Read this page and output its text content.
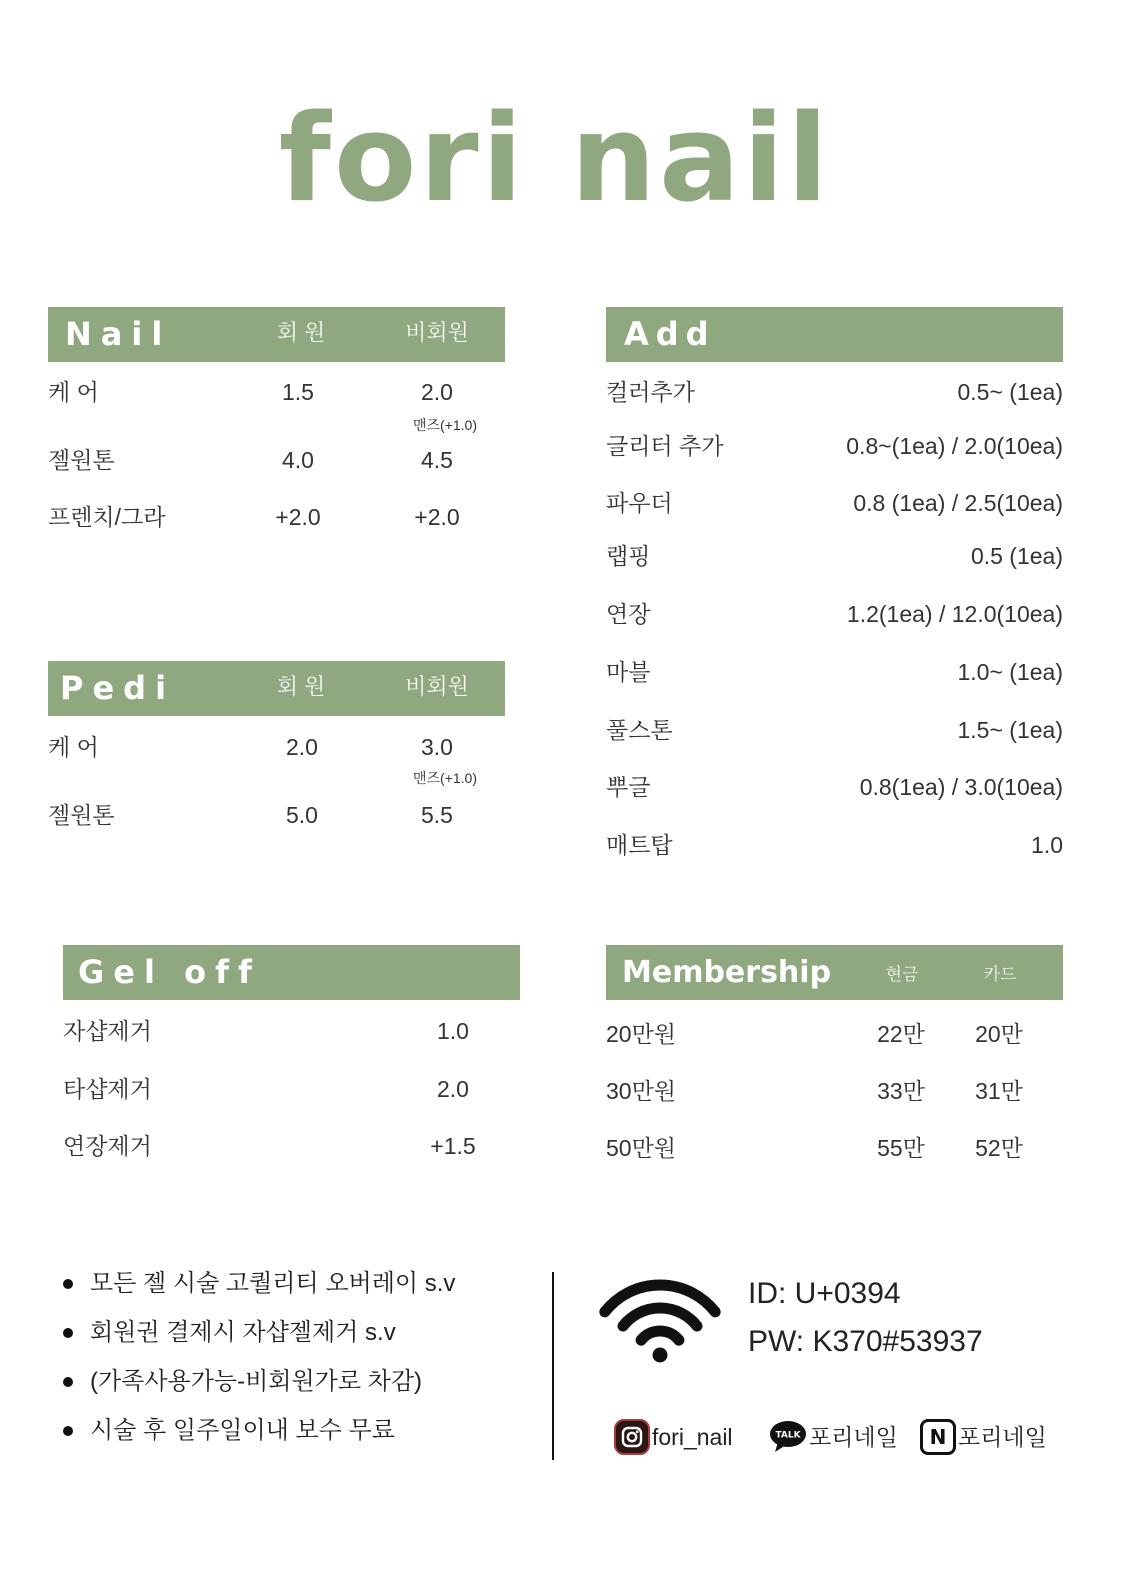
fori nail
Nail	회 원	비회원
케 어	1.5	2.0
맨즈(+1.0)
젤원톤	4.0	4.5
프렌치/그라	+2.0	+2.0
Pedi	회 원	비회원
케 어	2.0	3.0
맨즈(+1.0)
젤원톤	5.0	5.5
Add
컬러추가	0.5~ (1ea)
글리터 추가	0.8~(1ea) / 2.0(10ea)
파우더	0.8 (1ea) / 2.5(10ea)
랩핑	0.5 (1ea)
연장	1.2(1ea) / 12.0(10ea)
마블	1.0~ (1ea)
풀스톤	1.5~ (1ea)
뿌글	0.8(1ea) / 3.0(10ea)
매트탑	1.0
Gel off
자샵제거	1.0
타샵제거	2.0
연장제거	+1.5
Membership	현금	카드
20만원	22만	20만
30만원	33만	31만
50만원	55만	52만
모든 젤 시술 고퀄리티 오버레이 s.v
회원권 결제시 자샵젤제거 s.v
(가족사용가능-비회원가로 차감)
시술 후 일주일이내 보수 무료
ID: U+0394
PW: K370#53937
fori_nail	TALK 포리네일	N 포리네일
